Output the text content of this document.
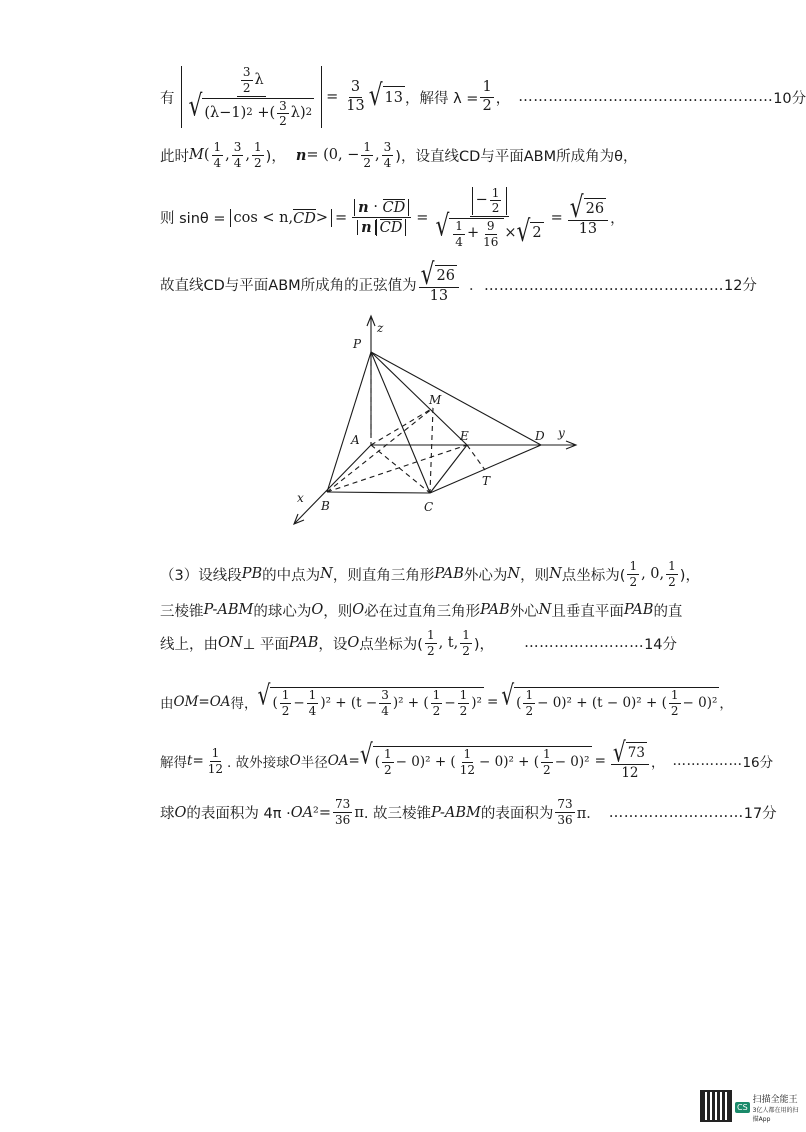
有 $\frac{3}{2}$ λ
√ (λ−1) 2
+( $\frac{3}{2} \lambda$) $2 = \frac{3}{13}$ √ 13 ，解得 $\lambda = \frac{1}{2}$ ， …………………………………………… 10分
此时 M ( $\frac{1}{4}$ , $\frac{3}{4}$ , $\frac{1}{2}$ )， n = (0, − $\frac{1}{2}$ , $\frac{3}{4}$ )，设直线CD与平面ABM所成角为θ，
则 sinθ = cos < n, CD > = $\frac{n \cdot CD}{\text{n CD}} = \frac{- \frac{1}{2}}{√ \frac{1}{4} + \frac{9}{16} \times √ 2} = \frac{√ 26}{13}$ ，
故直线CD与平面ABM所成角的正弦值为 $\frac{√ 26}{13}$ ．………………………………………… 12分
z
P
M
A	E	D y
x
B	C
T
（3）设线段 PB 的中点为 N ，则直角三角形 PAB 外心为 N ，则 N 点坐标为( $\frac{1}{2}$ , 0, $\frac{1}{2}$ )，
三棱锥 P-ABM 的球心为 O ，则 O 必在过直角三角形 PAB 外心 N 且垂直平面 PAB 的直
线上，由 ON ⊥ 平面 PAB ，设 O 点坐标为( $\frac{1}{2}$ , t, $\frac{1}{2}$ )， …………………… 14分
由 OM = OA 得， √ ( $\frac{1}{2} - \frac{1}{4} )^2 + (t - \frac{3}{4} )^2$ + ( $\frac{1}{2} - \frac{1}{2} )^2$ = √ ( $\frac{1}{2} - 0)^2 + (t - 0)^2$ + ( $\frac{1}{2} - 0)^2$ ，
解得 $t = \frac{1}{12}$ . 故外接球 O 半径 OA = √ ( $\frac{1}{2} - 0)^2$ + ( $\frac{1}{12} - 0)^2$ + ( $\frac{1}{2} - 0)^2 = \frac{√ 73}{12}$ ， …………… 16分
球 O 的表面积为 4π · OA $^2 = \frac{73}{36}$ π . 故三棱锥 P-ABM 的表面积为 $\frac{73}{36}$ π． ……………………… 17分
CS
扫描全能王
3亿人都在用的扫描App
